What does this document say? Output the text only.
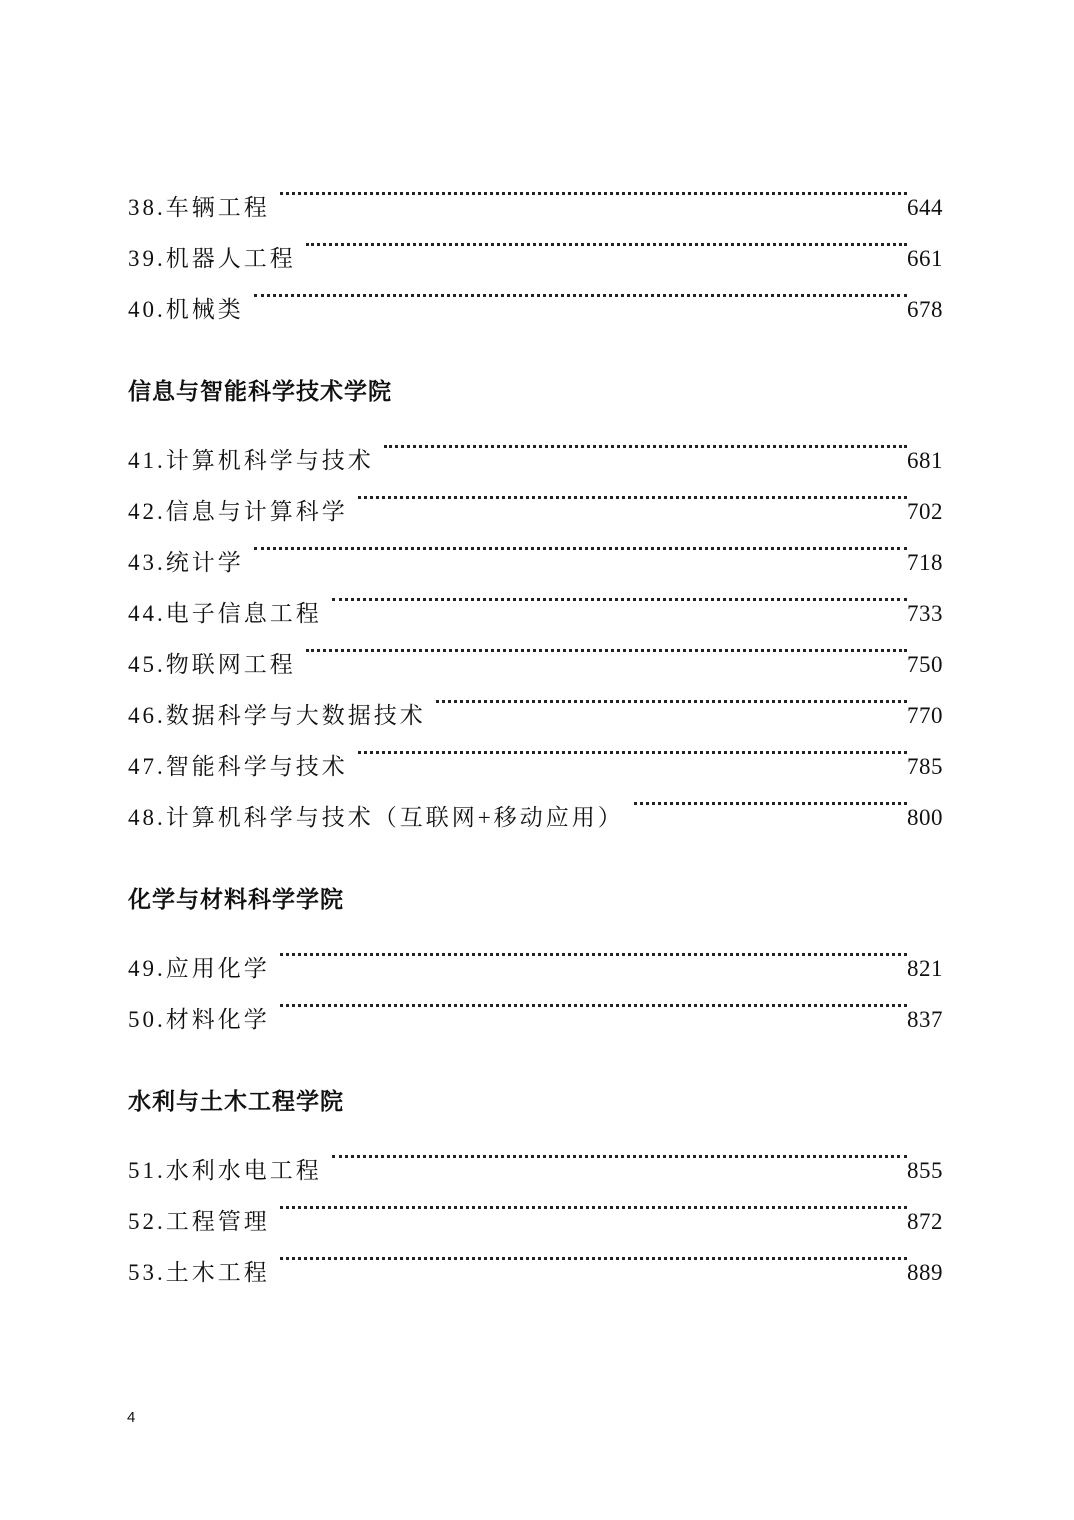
38.车辆工程	644
39.机器人工程	661
40.机械类	678
信息与智能科学技术学院
41.计算机科学与技术	681
42.信息与计算科学	702
43.统计学	718
44.电子信息工程	733
45.物联网工程	750
46.数据科学与大数据技术	770
47.智能科学与技术	785
48.计算机科学与技术（互联网+移动应用）	800
化学与材料科学学院
49.应用化学	821
50.材料化学	837
水利与土木工程学院
51.水利水电工程	855
52.工程管理	872
53.土木工程	889
4
